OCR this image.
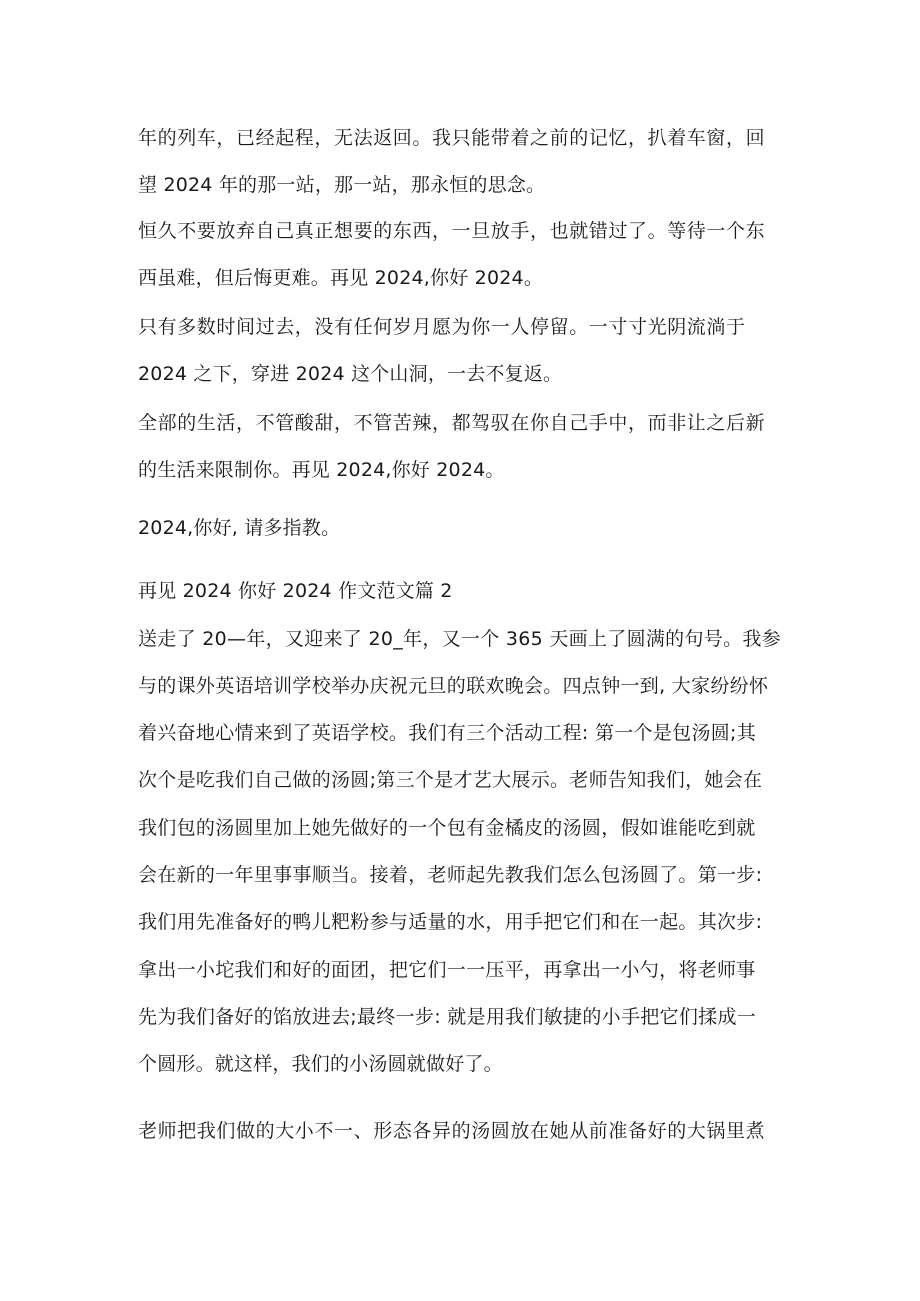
年的列车，已经起程，无法返回。我只能带着之前的记忆，扒着车窗，回
望 2024 年的那一站，那一站，那永恒的思念。
恒久不要放弃自己真正想要的东西，一旦放手，也就错过了。等待一个东
西虽难，但后悔更难。再见 2024,你好 2024。
只有多数时间过去，没有任何岁月愿为你一人停留。一寸寸光阴流淌于
2024 之下，穿进 2024 这个山洞，一去不复返。
全部的生活，不管酸甜，不管苦辣，都驾驭在你自己手中，而非让之后新
的生活来限制你。再见 2024,你好 2024。
2024,你好, 请多指教。
再见 2024 你好 2024 作文范文篇 2
送走了 20—年，又迎来了 20_年，又一个 365 天画上了圆满的句号。我参
与的课外英语培训学校举办庆祝元旦的联欢晚会。四点钟一到, 大家纷纷怀
着兴奋地心情来到了英语学校。我们有三个活动工程: 第一个是包汤圆;其
次个是吃我们自己做的汤圆;第三个是才艺大展示。老师告知我们，她会在
我们包的汤圆里加上她先做好的一个包有金橘皮的汤圆，假如谁能吃到就
会在新的一年里事事顺当。接着，老师起先教我们怎么包汤圆了。第一步:
我们用先准备好的鸭儿粑粉参与适量的水，用手把它们和在一起。其次步:
拿出一小坨我们和好的面团，把它们一一压平，再拿出一小勺，将老师事
先为我们备好的馅放进去;最终一步: 就是用我们敏捷的小手把它们揉成一
个圆形。就这样，我们的小汤圆就做好了。
老师把我们做的大小不一、形态各异的汤圆放在她从前准备好的大锅里煮
